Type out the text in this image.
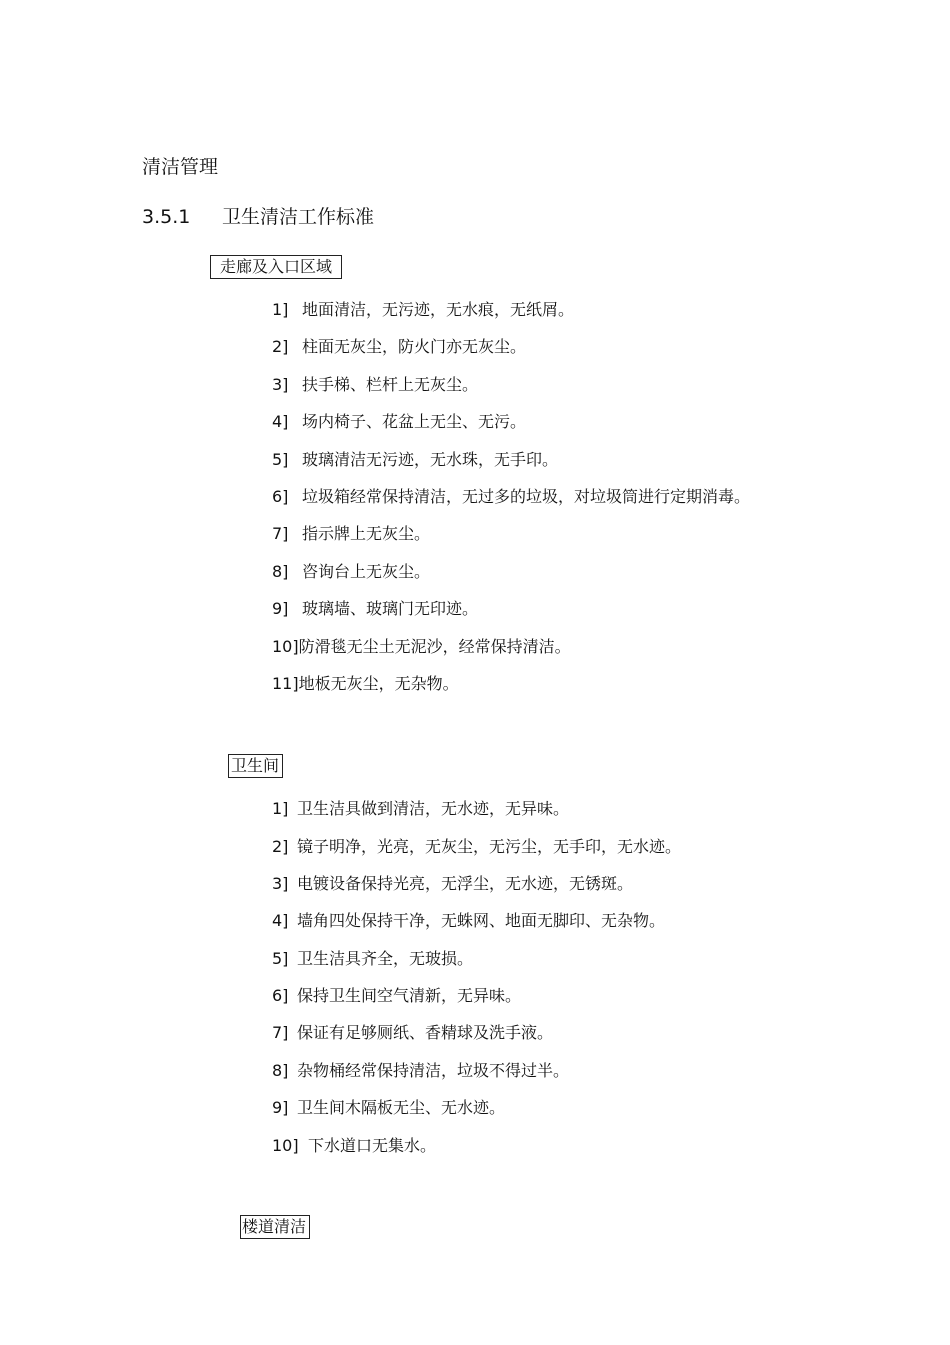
清洁管理
3.5.1 卫生清洁工作标准
走廊及入口区域
1] 地面清洁，无污迹，无水痕，无纸屑。
2] 柱面无灰尘，防火门亦无灰尘。
3] 扶手梯、栏杆上无灰尘。
4] 场内椅子、花盆上无尘、无污。
5] 玻璃清洁无污迹，无水珠，无手印。
6] 垃圾箱经常保持清洁，无过多的垃圾，对垃圾筒进行定期消毒。
7] 指示牌上无灰尘。
8] 咨询台上无灰尘。
9] 玻璃墙、玻璃门无印迹。
10]防滑毯无尘土无泥沙，经常保持清洁。
11]地板无灰尘，无杂物。
卫生间
1] 卫生洁具做到清洁，无水迹，无异味。
2] 镜子明净，光亮，无灰尘，无污尘，无手印，无水迹。
3] 电镀设备保持光亮，无浮尘，无水迹，无锈斑。
4] 墙角四处保持干净，无蛛网、地面无脚印、无杂物。
5] 卫生洁具齐全，无玻损。
6] 保持卫生间空气清新，无异味。
7] 保证有足够厕纸、香精球及洗手液。
8] 杂物桶经常保持清洁，垃圾不得过半。
9] 卫生间木隔板无尘、无水迹。
10] 下水道口无集水。
楼道清洁
